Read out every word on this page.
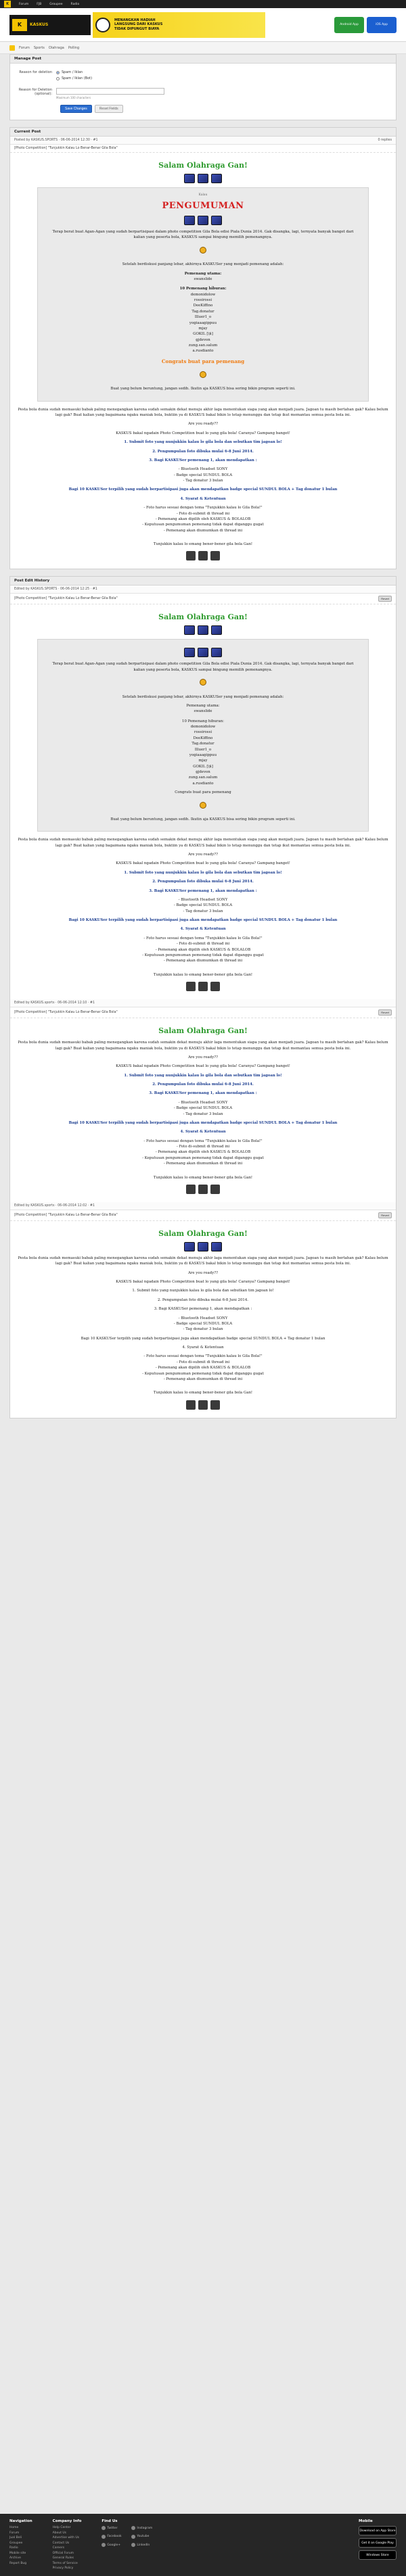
K	Forum	FJB	Groupee	Radio
K	KASKUS
MENANGKAN HADIAH
LANGSUNG DARI KASKUS
TIDAK DIPUNGUT BIAYA
Android App	iOS App
Forum Sports Olahraga Polling
Manage Post
Reason for deletion	Spam / Iklan
Spam / Iklan (Bot)
Reason for Deletion (optional):
Maximum 100 characters
Save Changes	Reset Fields
Current Post
Posted by KASKUS.SPORTS · 06-06-2014 12:30 · #1	0 replies
[Photo Competition] "Tunjukkin Kalau Lo Benar-Benar Gila Bola"
Salam Olahraga Gan!
Kalau
PENGUMUMAN

Terap berat buat Agan-Agan yang sudah berpartisipasi dalam photo competition Gila Bola edisi Piala Dunia 2014. Gak disangka, lagi, ternyata banyak banget dari kalian yang peserta bola, KASKUS sampai bingung memilih pemenangnya.

Setelah berdiskusi panjang lebar, akhirnya KASKUSer yang menjadi pemenang adalah:

Pemenang utama:
swanslide
10 Pemenang hiburan:
demonidolow
rossirossi
DeeKiffino
Tag.donatur
Illuer1_o
yogiaaagippuu
mjay
GOKIL [\$]
gjdevon
zung.san.salum
a.rusdianto

Congrats buat para pemenang

Buat yang belum beruntung, jangan sedih. Ikutin aja KASKUS bisa sering bikin program seperti ini.

Pesta bola dunia sudah memasuki babak paling menegangkan karena sudah semakin dekat menuju akhir laga menentukan siapa yang akan menjadi juara. Jagoan tu masih bertahan gak? Kalau belum lagi gak? Buat kalian yang bagaimana ngaku maniak bola, buktiin ya di KASKUS bakal bikin lo tetap menunggu dan tetap ikut memantau semua pesta bola ini.

Are you ready??

KASKUS bakal ngadain Photo Competition buat lo yang gila bola! Caranya? Gampang banget!

1. Submit foto yang nunjukkin kalau lo gila bola dan sebutkan tim jagoan lo!

2. Pengumpulan foto dibuka mulai 6-8 Juni 2014.

3. Bagi KASKUSer pemenang 1, akan mendapatkan :

- Bluetooth Headset SONY
- Badge special SUNDUL BOLA
- Tag donatur 3 bulan

Bagi 10 KASKUSer terpilih yang sudah berpartisipasi juga akan mendapatkan badge special SUNDUL BOLA + Tag donatur 1 bulan

4. Syarat & Ketentuan

- Foto harus sesuai dengan tema "Tunjukkin kalau lo Gila Bola!"
- Foto di-submit di thread ini
- Pemenang akan dipilih oleh KASKUS & BOLALOB
- Keputusan pengumuman pemenang tidak dapat diganggu gugat
- Pemenang akan diumumkan di thread ini

Tunjukkin kalau lo emang bener-bener gila bola Gan!

Post Edit History
Edited by KASKUS.SPORTS · 06-06-2014 12:25 · #1
[Photo Competition] "Tunjukkin Kalau Lo Benar-Benar Gila Bola"	Revert
Salam Olahraga Gan!

Terap berat buat Agan-Agan yang sudah berpartisipasi dalam photo competition Gila Bola edisi Piala Dunia 2014. Gak disangka, lagi, ternyata banyak banget dari kalian yang peserta bola, KASKUS sampai bingung memilih pemenangnya.

Setelah berdiskusi panjang lebar, akhirnya KASKUSer yang menjadi pemenang adalah:

Pemenang utama:
swanslide
10 Pemenang hiburan:
demonidolow
rossirossi
DeeKiffino
Tag.donatur
Illuer1_o
yogiaaagippuu
mjay
GOKIL [\$]
gjdevon
zung.san.salum
a.rusdianto

Congrats buat para pemenang

Buat yang belum beruntung, jangan sedih. Ikutin aja KASKUS bisa sering bikin program seperti ini.

Pesta bola dunia sudah memasuki babak paling menegangkan karena sudah semakin dekat menuju akhir laga menentukan siapa yang akan menjadi juara. Jagoan tu masih bertahan gak? Kalau belum lagi gak? Buat kalian yang bagaimana ngaku maniak bola, buktiin ya di KASKUS bakal bikin lo tetap menunggu dan tetap ikut memantau semua pesta bola ini.

Are you ready??

KASKUS bakal ngadain Photo Competition buat lo yang gila bola! Caranya? Gampang banget!

1. Submit foto yang nunjukkin kalau lo gila bola dan sebutkan tim jagoan lo!

2. Pengumpulan foto dibuka mulai 6-8 Juni 2014.

3. Bagi KASKUSer pemenang 1, akan mendapatkan :

- Bluetooth Headset SONY
- Badge special SUNDUL BOLA
- Tag donatur 3 bulan

Bagi 10 KASKUSer terpilih yang sudah berpartisipasi juga akan mendapatkan badge special SUNDUL BOLA + Tag donatur 1 bulan

4. Syarat & Ketentuan

- Foto harus sesuai dengan tema "Tunjukkin kalau lo Gila Bola!"
- Foto di-submit di thread ini
- Pemenang akan dipilih oleh KASKUS & BOLALOB
- Keputusan pengumuman pemenang tidak dapat diganggu gugat
- Pemenang akan diumumkan di thread ini

Tunjukkin kalau lo emang bener-bener gila bola Gan!

Edited by KASKUS.sports · 06-06-2014 12:10 · #1
[Photo Competition] "Tunjukkin Kalau Lo Benar-Benar Gila Bola"	Revert
Salam Olahraga Gan!

Pesta bola dunia sudah memasuki babak paling menegangkan karena sudah semakin dekat menuju akhir laga menentukan siapa yang akan menjadi juara. Jagoan tu masih bertahan gak? Kalau belum lagi gak? Buat kalian yang bagaimana ngaku maniak bola, buktiin ya di KASKUS bakal bikin lo tetap menunggu dan tetap ikut memantau semua pesta bola ini.

Are you ready??

KASKUS bakal ngadain Photo Competition buat lo yang gila bola! Caranya? Gampang banget!

1. Submit foto yang nunjukkin kalau lo gila bola dan sebutkan tim jagoan lo!

2. Pengumpulan foto dibuka mulai 6-8 Juni 2014.

3. Bagi KASKUSer pemenang 1, akan mendapatkan :

- Bluetooth Headset SONY
- Badge special SUNDUL BOLA
- Tag donatur 3 bulan

Bagi 10 KASKUSer terpilih yang sudah berpartisipasi juga akan mendapatkan badge special SUNDUL BOLA + Tag donatur 1 bulan

4. Syarat & Ketentuan

- Foto harus sesuai dengan tema "Tunjukkin kalau lo Gila Bola!"
- Foto di-submit di thread ini
- Pemenang akan dipilih oleh KASKUS & BOLALOB
- Keputusan pengumuman pemenang tidak dapat diganggu gugat
- Pemenang akan diumumkan di thread ini

Tunjukkin kalau lo emang bener-bener gila bola Gan!

Edited by KASKUS.sports · 06-06-2014 12:02 · #1
[Photo Competition] "Tunjukkin Kalau Lo Benar-Benar Gila Bola"	Revert
Salam Olahraga Gan!

Pesta bola dunia sudah memasuki babak paling menegangkan karena sudah semakin dekat menuju akhir laga menentukan siapa yang akan menjadi juara. Jagoan tu masih bertahan gak? Kalau belum lagi gak? Buat kalian yang bagaimana ngaku maniak bola, buktiin ya di KASKUS bakal bikin lo tetap menunggu dan tetap ikut memantau semua pesta bola ini.

Are you ready??

KASKUS bakal ngadain Photo Competition buat lo yang gila bola! Caranya? Gampang banget!

1. Submit foto yang nunjukkin kalau lo gila bola dan sebutkan tim jagoan lo!

2. Pengumpulan foto dibuka mulai 6-8 Juni 2014.

3. Bagi KASKUSer pemenang 1, akan mendapatkan :

- Bluetooth Headset SONY
- Badge special SUNDUL BOLA
- Tag donatur 3 bulan

Bagi 10 KASKUSer terpilih yang sudah berpartisipasi juga akan mendapatkan badge special SUNDUL BOLA + Tag donatur 1 bulan

4. Syarat & Ketentuan

- Foto harus sesuai dengan tema "Tunjukkin kalau lo Gila Bola!"
- Foto di-submit di thread ini
- Pemenang akan dipilih oleh KASKUS & BOLALOB
- Keputusan pengumuman pemenang tidak dapat diganggu gugat
- Pemenang akan diumumkan di thread ini

Tunjukkin kalau lo emang bener-bener gila bola Gan!

Navigation
Home
Forum
Jual Beli
Groupee
Radio
Mobile site
Archive
Report Bug
Company Info
Help Center
About Us
Advertise with Us
Contact Us
Careers
Official Forum
General Rules
Terms of Service
Privacy Policy
Find Us
Twitter	Instagram
Facebook	Youtube
Google+	LinkedIn
Mobile
Download on App Store
Get it on Google Play
Windows Store
